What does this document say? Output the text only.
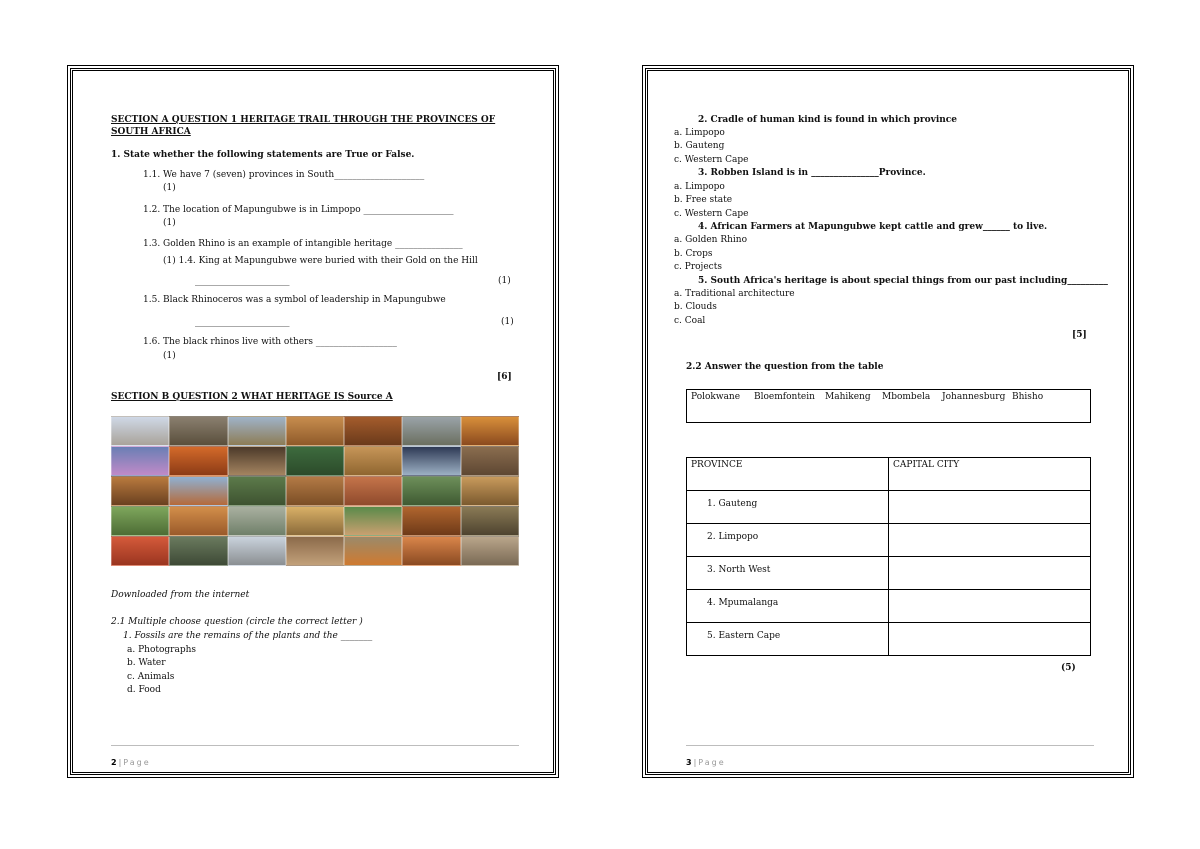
SECTION A QUESTION 1 HERITAGE TRAIL THROUGH THE PROVINCES OF
SOUTH AFRICA
1. State whether the following statements are True or False.
1.1. We have 7 (seven) provinces in South____________________
(1)
1.2. The location of Mapungubwe is in Limpopo ____________________
(1)
1.3. Golden Rhino is an example of intangible heritage _______________
(1) 1.4. King at Mapungubwe were buried with their Gold on the Hill
_____________________	(1)
1.5. Black Rhinoceros was a symbol of leadership in Mapungubwe
_____________________	(1)
1.6. The black rhinos live with others __________________
(1)
[6]
SECTION B QUESTION 2 WHAT HERITAGE IS Source A
Downloaded from the internet
2.1 Multiple choose question (circle the correct letter )
1. Fossils are the remains of the plants and the _______
a. Photographs
b. Water
c. Animals
d. Food
2 | Page
2. Cradle of human kind is found in which province
a. Limpopo
b. Gauteng
c. Western Cape
3. Robben Island is in _______________Province.
a. Limpopo
b. Free state
c. Western Cape
4. African Farmers at Mapungubwe kept cattle and grew______ to live.
a. Golden Rhino
b. Crops
c. Projects
5. South Africa's heritage is about special things from our past including_________
a. Traditional architecture
b. Clouds
c. Coal
[5]
2.2 Answer the question from the table
Polokwane Bloemfontein Mahikeng Mbombela Johannesburg Bhisho
PROVINCE	CAPITAL CITY
1. Gauteng	
2. Limpopo	
3. North West	
4. Mpumalanga	
5. Eastern Cape	
(5)
3 | Page
